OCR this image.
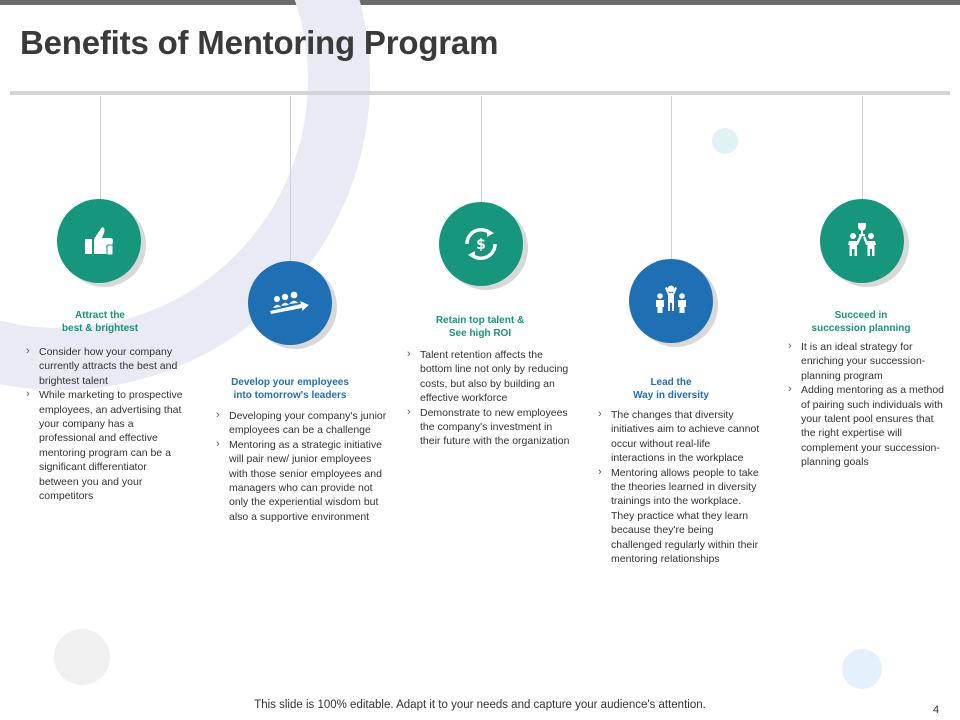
Benefits of Mentoring Program
Attract the
best & brightest
› Consider how your company currently attracts the best and brightest talent
› While marketing to prospective employees, an advertising that your company has a professional and effective mentoring program can be a significant differentiator between you and your competitors
Develop your employees
into tomorrow's leaders
› Developing your company's junior employees can be a challenge
› Mentoring as a strategic initiative will pair new/ junior employees with those senior employees and managers who can provide not only the experiential wisdom but also a supportive environment
$
Retain top talent &
See high ROI
› Talent retention affects the bottom line not only by reducing costs, but also by building an effective workforce
› Demonstrate to new employees the company's investment in their future with the organization
Lead the
Way in diversity
› The changes that diversity initiatives aim to achieve cannot occur without real-life interactions in the workplace
› Mentoring allows people to take the theories learned in diversity trainings into the workplace. They practice what they learn because they're being challenged regularly within their mentoring relationships
Succeed in
succession planning
› It is an ideal strategy for enriching your succession-planning program
› Adding mentoring as a method of pairing such individuals with your talent pool ensures that the right expertise will complement your succession-planning goals
This slide is 100% editable. Adapt it to your needs and capture your audience's attention.	4
